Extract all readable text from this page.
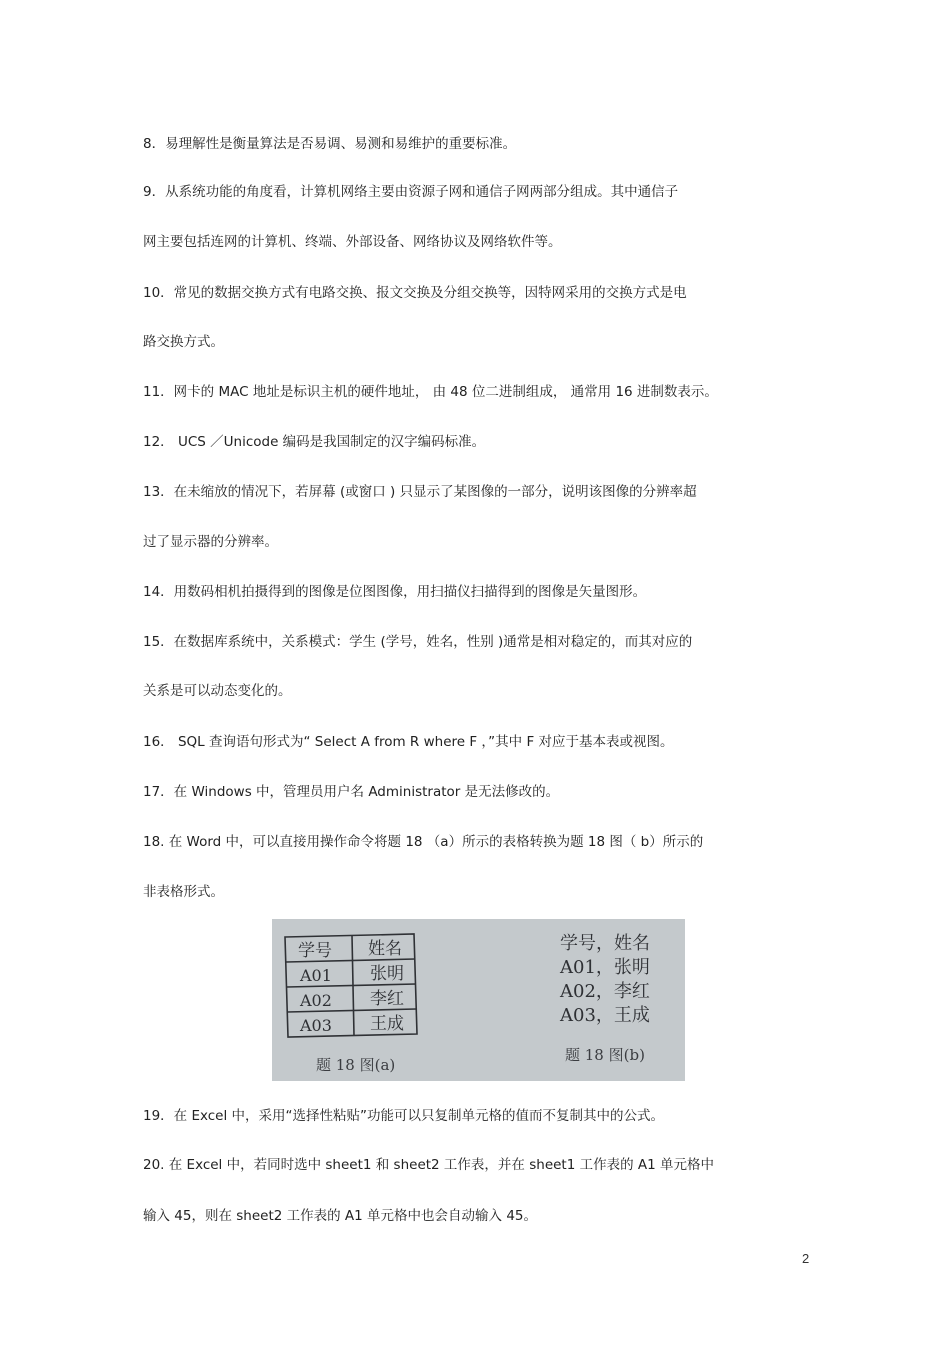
8．易理解性是衡量算法是否易调、易测和易维护的重要标准。
9．从系统功能的角度看，计算机网络主要由资源子网和通信子网两部分组成。其中通信子
网主要包括连网的计算机、终端、外部设备、网络协议及网络软件等。
10．常见的数据交换方式有电路交换、报文交换及分组交换等，因特网采用的交换方式是电
路交换方式。
11．网卡的 MAC 地址是标识主机的硬件地址， 由 48 位二进制组成， 通常用 16 进制数表示。
12． UCS ／Unicode 编码是我国制定的汉字编码标准。
13．在未缩放的情况下，若屏幕 (或窗口 ) 只显示了某图像的一部分，说明该图像的分辨率超
过了显示器的分辨率。
14．用数码相机拍摄得到的图像是位图图像，用扫描仪扫描得到的图像是矢量图形。
15．在数据库系统中，关系模式：学生 (学号，姓名，性别 )通常是相对稳定的，而其对应的
关系是可以动态变化的。
16． SQL 查询语句形式为“ Select A from R where F ，”其中 F 对应于基本表或视图。
17．在 Windows 中，管理员用户名 Administrator 是无法修改的。
18. 在 Word 中，可以直接用操作命令将题 18 （a）所示的表格转换为题 18 图（ b）所示的
非表格形式。
学号 姓名
A01 张明
A02 李红
A03 王成
题 18 图(a)
学号，姓名
A01，张明
A02，李红
A03，王成
题 18 图(b)
19．在 Excel 中，采用“选择性粘贴”功能可以只复制单元格的值而不复制其中的公式。
20. 在 Excel 中，若同时选中 sheet1 和 sheet2 工作表，并在 sheet1 工作表的 A1 单元格中
输入 45，则在 sheet2 工作表的 A1 单元格中也会自动输入 45。
2
